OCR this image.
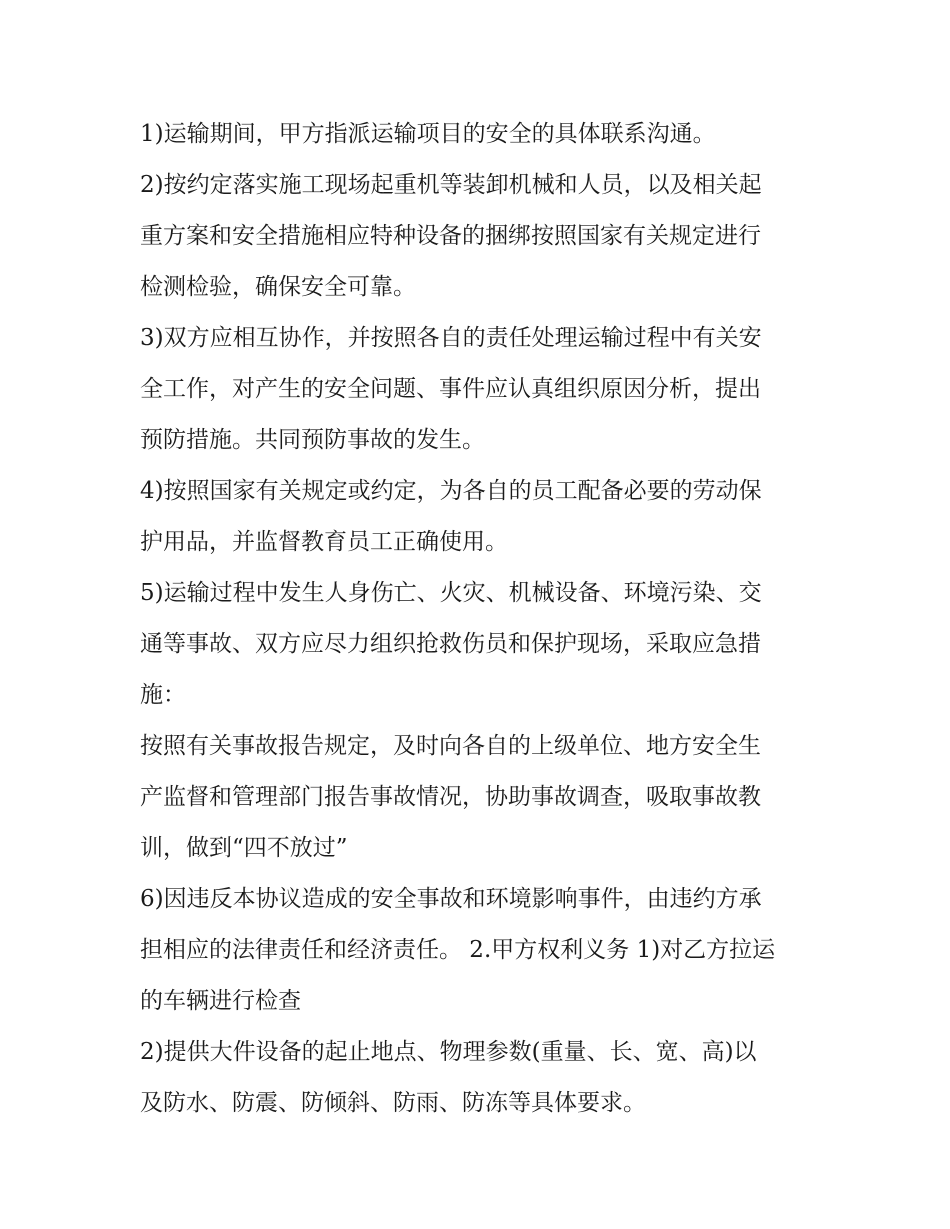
1)运输期间，甲方指派运输项目的安全的具体联系沟通。
2)按约定落实施工现场起重机等装卸机械和人员，以及相关起
重方案和安全措施相应特种设备的捆绑按照国家有关规定进行
检测检验，确保安全可靠。
3)双方应相互协作，并按照各自的责任处理运输过程中有关安
全工作，对产生的安全问题、事件应认真组织原因分析，提出
预防措施。共同预防事故的发生。
4)按照国家有关规定或约定，为各自的员工配备必要的劳动保
护用品，并监督教育员工正确使用。
5)运输过程中发生人身伤亡、火灾、机械设备、环境污染、交
通等事故、双方应尽力组织抢救伤员和保护现场，采取应急措
施：
按照有关事故报告规定，及时向各自的上级单位、地方安全生
产监督和管理部门报告事故情况，协助事故调查，吸取事故教
训，做到“四不放过”
6)因违反本协议造成的安全事故和环境影响事件，由违约方承
担相应的法律责任和经济责任。 2.甲方权利义务 1)对乙方拉运
的车辆进行检查
2)提供大件设备的起止地点、物理参数(重量、长、宽、高)以
及防水、防震、防倾斜、防雨、防冻等具体要求。
